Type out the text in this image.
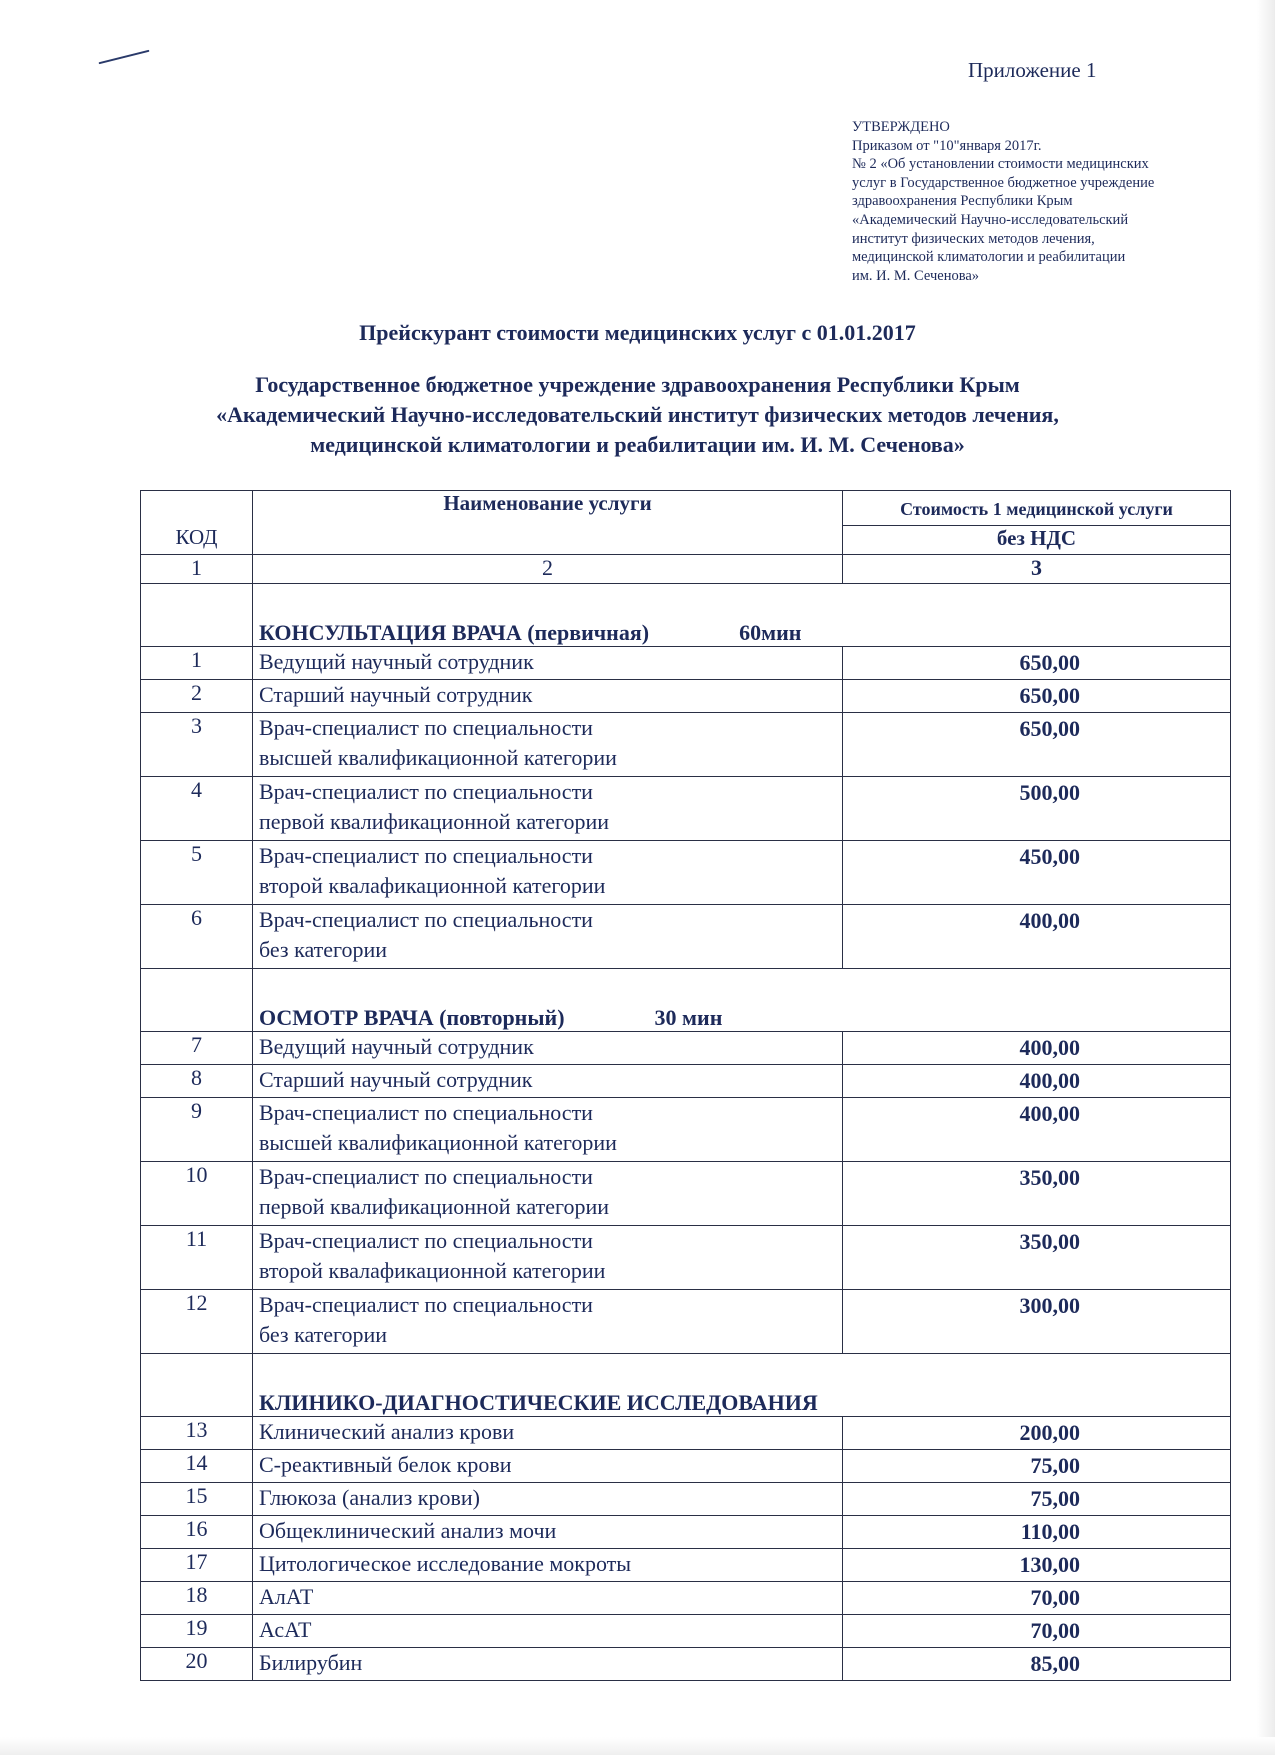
Приложение 1
УТВЕРЖДЕНО
Приказом от "10"января 2017г.
№ 2 «Об установлении стоимости медицинских
услуг в Государственное бюджетное учреждение
здравоохранения Республики Крым
«Академический Научно-исследовательский
институт физических методов лечения,
медицинской климатологии и реабилитации
им. И. М. Сеченова»
Прейскурант стоимости медицинских услуг с 01.01.2017
Государственное бюджетное учреждение здравоохранения Республики Крым
«Академический Научно-исследовательский институт физических методов лечения,
медицинской климатологии и реабилитации им. И. М. Сеченова»
КОД	Наименование услуги	Стоимость 1 медицинской услуги
		без НДС
1	2	3
	КОНСУЛЬТАЦИЯ ВРАЧА (первичная) 60мин	
1	Ведущий научный сотрудник	650,00
2	Старший научный сотрудник	650,00
3	Врач-специалист по специальности
высшей квалификационной категории	650,00
4	Врач-специалист по специальности
первой квалификационной категории	500,00
5	Врач-специалист по специальности
второй квалафикационной категории	450,00
6	Врач-специалист по специальности
без категории	400,00
	ОСМОТР ВРАЧА (повторный) 30 мин	
7	Ведущий научный сотрудник	400,00
8	Старший научный сотрудник	400,00
9	Врач-специалист по специальности
высшей квалификационной категории	400,00
10	Врач-специалист по специальности
первой квалификационной категории	350,00
11	Врач-специалист по специальности
второй квалафикационной категории	350,00
12	Врач-специалист по специальности
без категории	300,00
	КЛИНИКО-ДИАГНОСТИЧЕСКИЕ ИССЛЕДОВАНИЯ	
13	Клинический анализ крови	200,00
14	С-реактивный белок крови	75,00
15	Глюкоза (анализ крови)	75,00
16	Общеклинический анализ мочи	110,00
17	Цитологическое исследование мокроты	130,00
18	АлАТ	70,00
19	АсАТ	70,00
20	Билирубин	85,00
